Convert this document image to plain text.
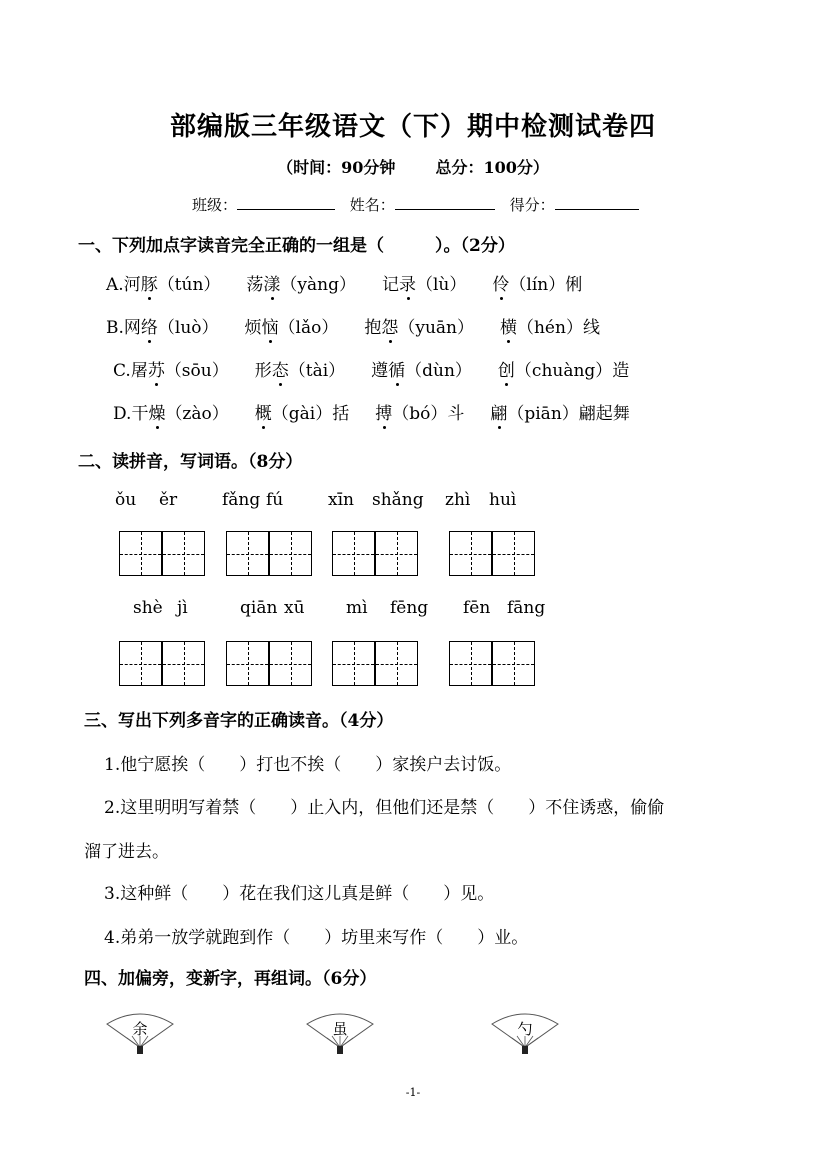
部编版三年级语文（下）期中检测试卷四
（时间：90分钟	总分：100分）
班级：	姓名：	得分：
一、下列加点字读音完全正确的一组是（　　　）。（2分）
A.河豚（tún） 荡漾（yàng） 记录（lù） 伶（lín）俐
B.网络（luò） 烦恼（lǎo） 抱怨（yuān） 横（hén）线
C.屠苏（sōu） 形态（tài） 遵循（dùn） 创（chuàng）造
D.干燥（zào） 概（gài）括 搏（bó）斗 翩（piān）翩起舞
二、读拼音，写词语。（8分）
ǒu ěr	fǎng fú	xīn shǎng zhì huì
shè jì	qiān xū mì fēng fēn fāng
三、写出下列多音字的正确读音。（4分）
1.他宁愿挨（　　）打也不挨（　　）家挨户去讨饭。
2.这里明明写着禁（　　）止入内，但他们还是禁（　　）不住诱惑，偷偷
溜了进去。
3.这种鲜（　　）花在我们这儿真是鲜（　　）见。
4.弟弟一放学就跑到作（　　）坊里来写作（　　）业。
四、加偏旁，变新字，再组词。（6分）
余	虽	勺
-1-
